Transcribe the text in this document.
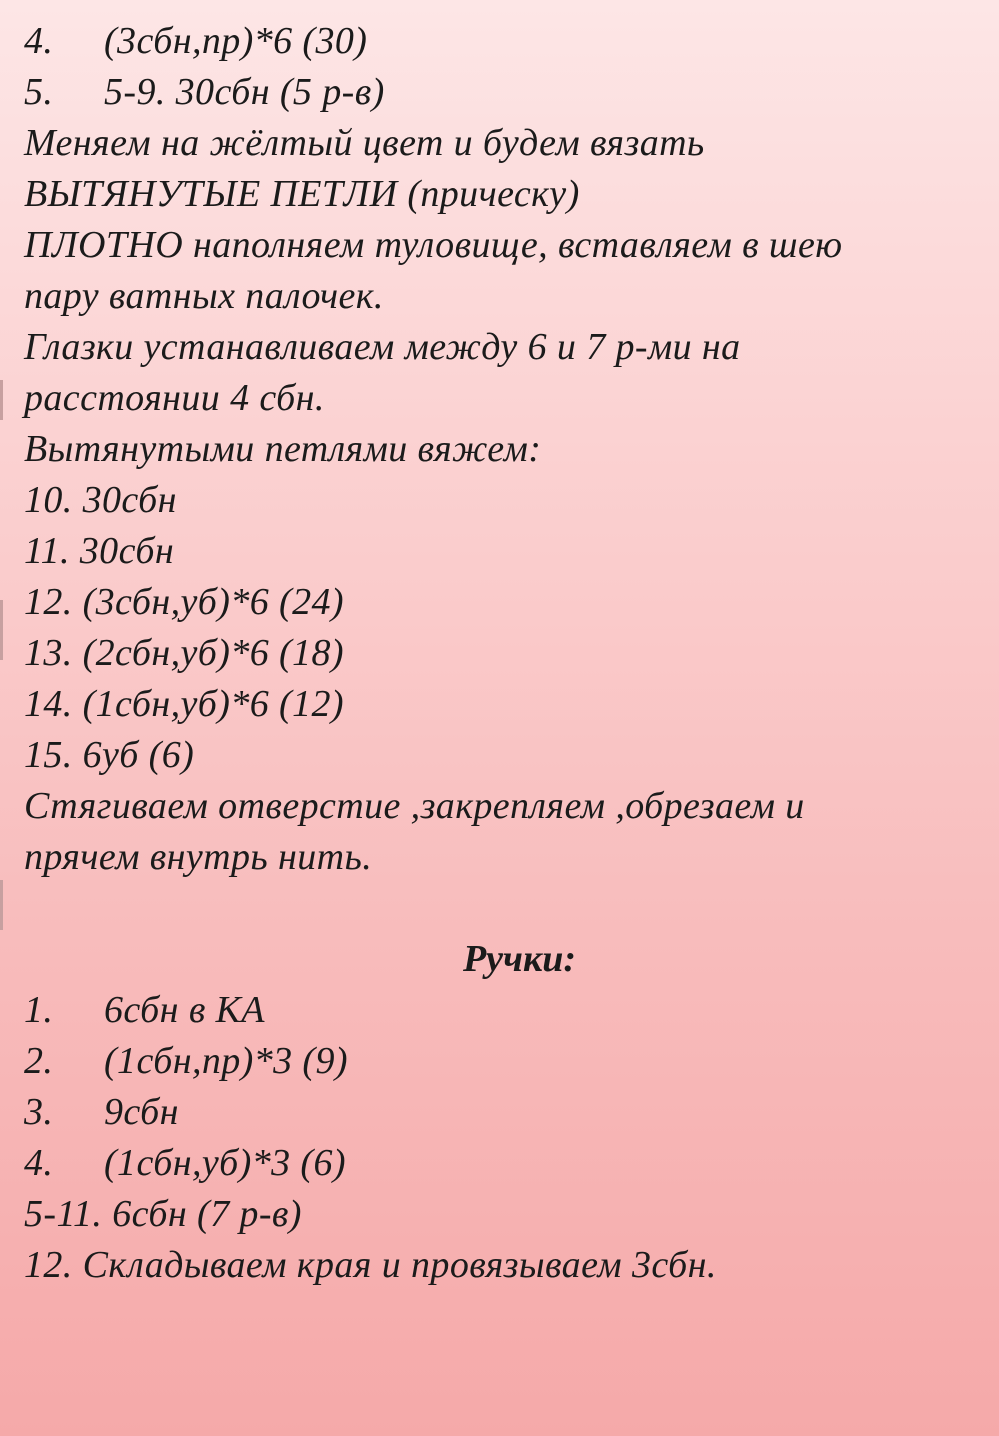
4. (3сбн,пр)*6 (30)
5. 5-9. 30сбн (5 р-в)
Меняем на жёлтый цвет и будем вязать
ВЫТЯНУТЫЕ ПЕТЛИ (прическу)
ПЛОТНО наполняем туловище, вставляем в шею
пару ватных палочек.
Глазки устанавливаем между 6 и 7 р-ми на
расстоянии 4 сбн.
Вытянутыми петлями вяжем:
10. 30сбн
11. 30сбн
12. (3сбн,уб)*6 (24)
13. (2сбн,уб)*6 (18)
14. (1сбн,уб)*6 (12)
15. 6уб (6)
Стягиваем отверстие ,закрепляем ,обрезаем и
прячем внутрь нить.
Ручки:
1. 6сбн в КА
2. (1сбн,пр)*3 (9)
3. 9сбн
4. (1сбн,уб)*3 (6)
5-11. 6сбн (7 р-в)
12. Складываем края и провязываем 3сбн.
